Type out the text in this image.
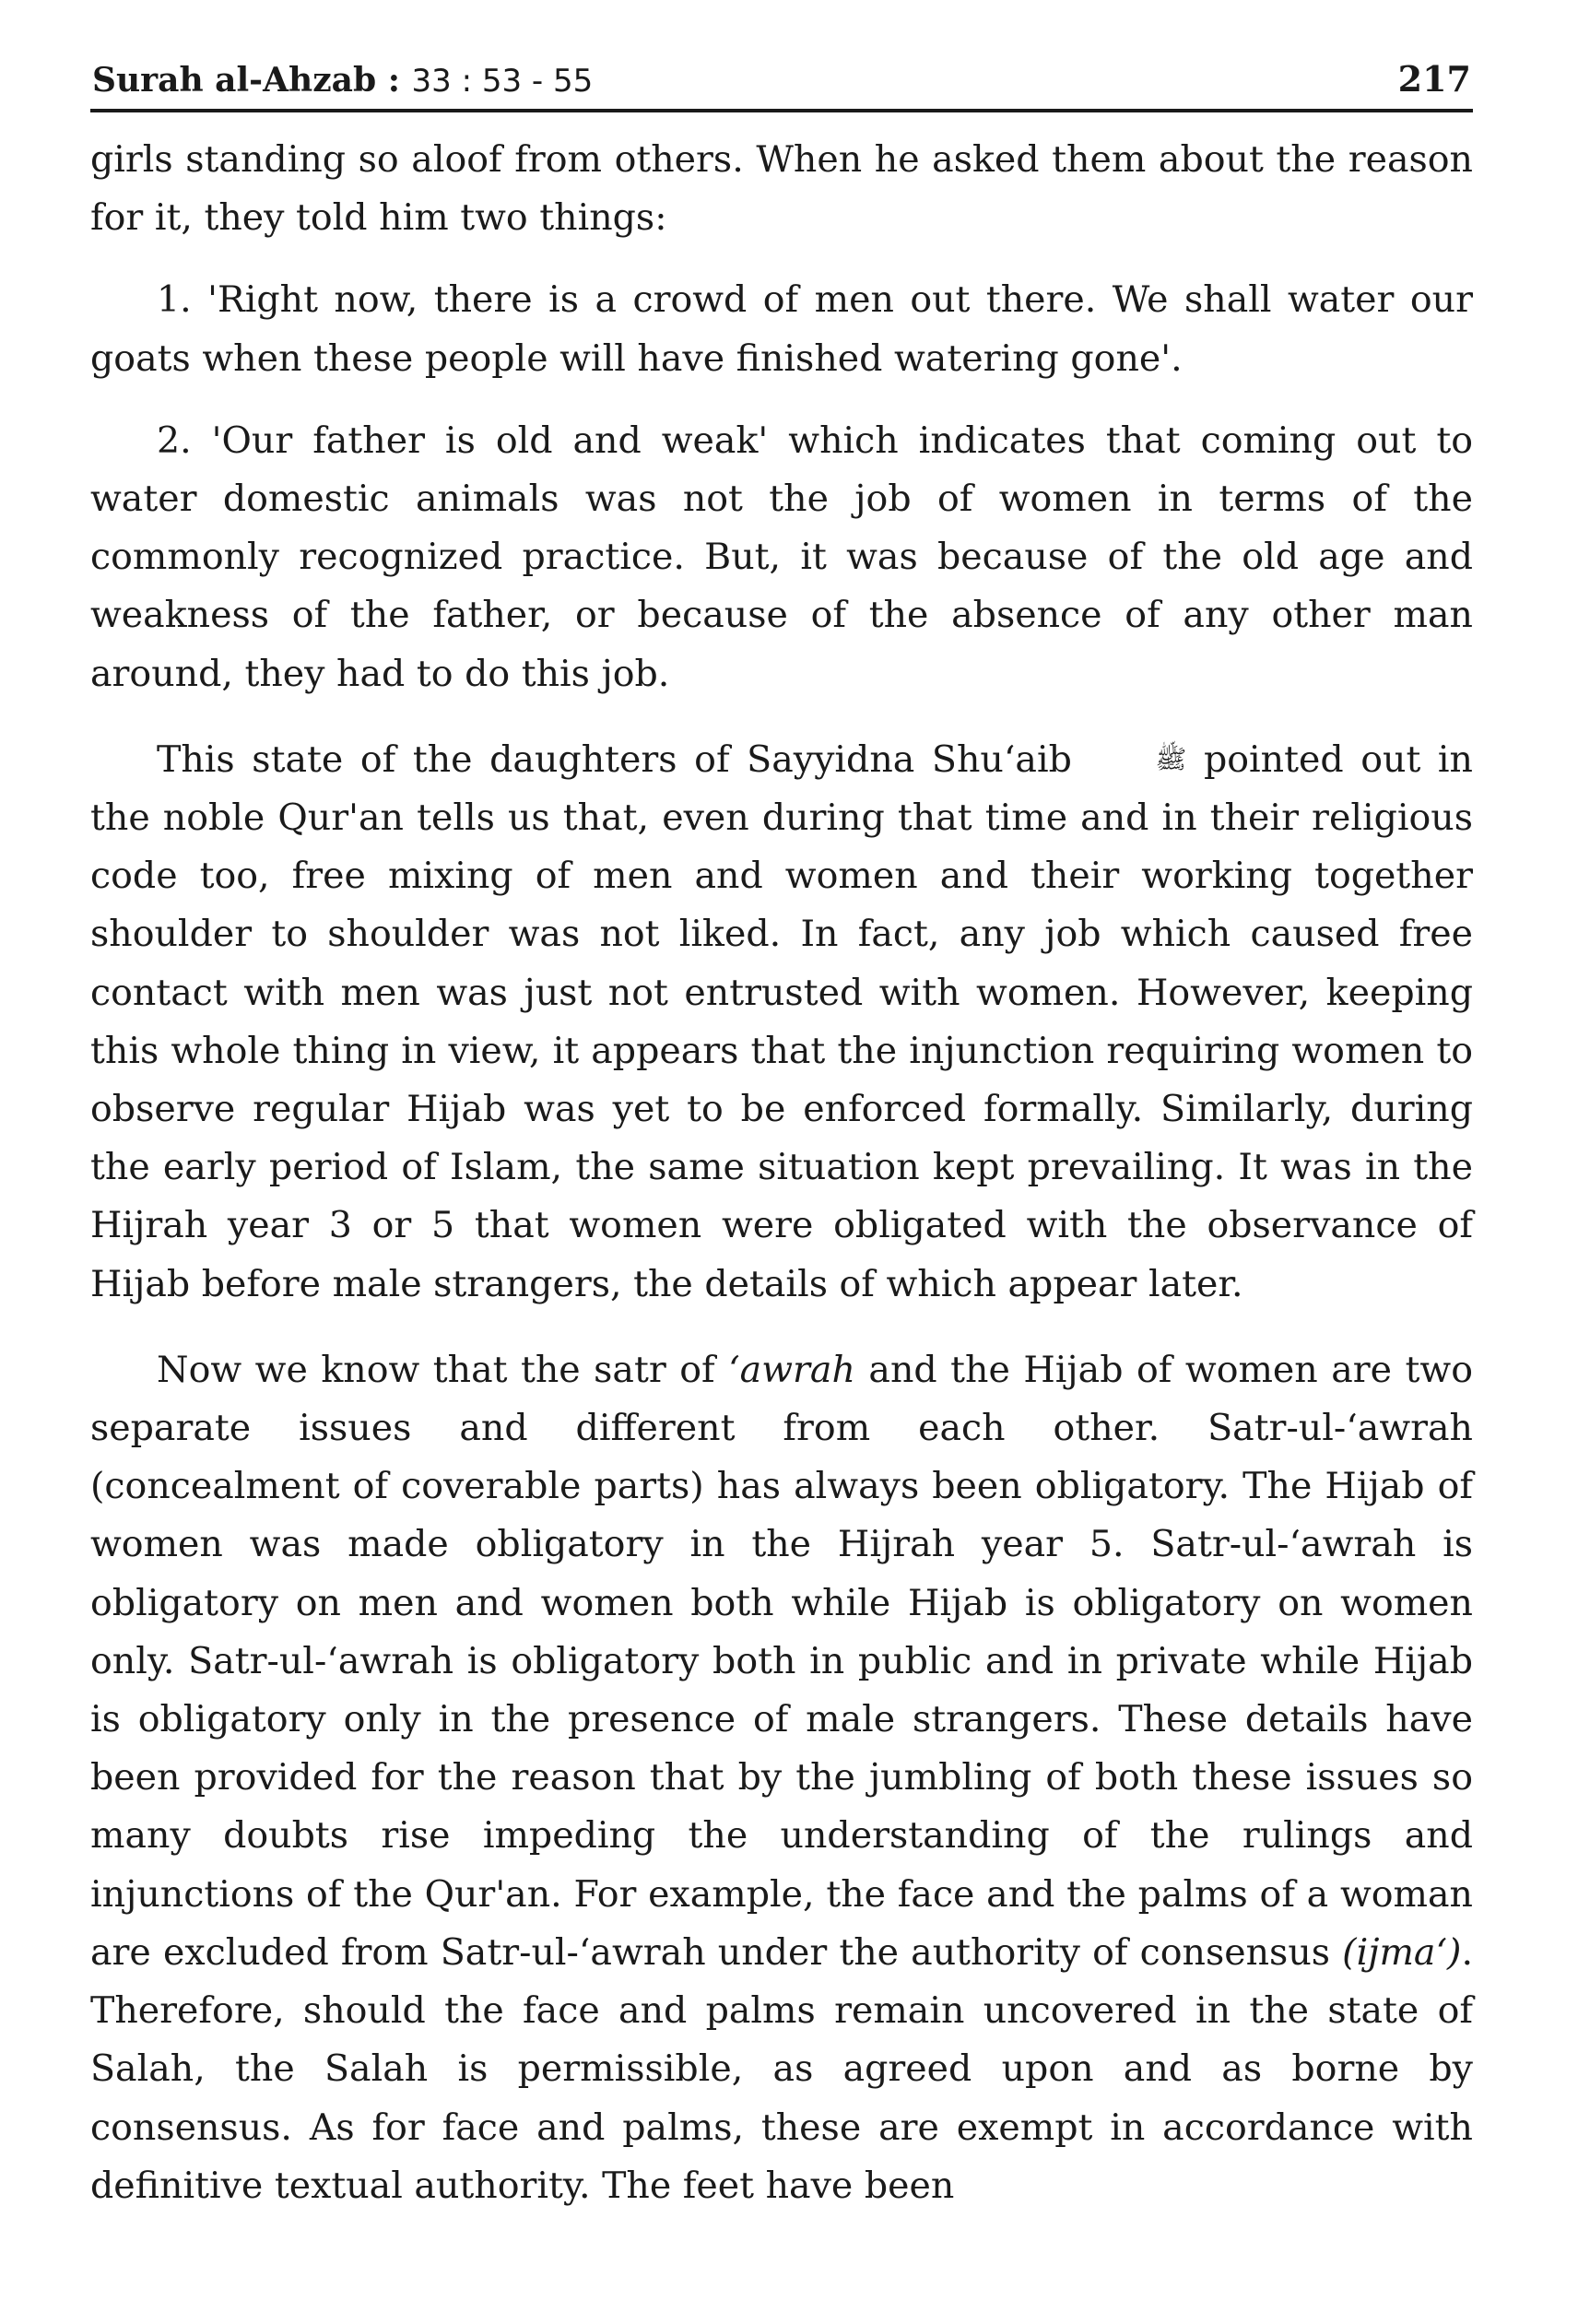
Surah al-Ahzab : 33 : 53 - 55	217

girls standing so aloof from others. When he asked them about the reason for it, they told him two things:

1. 'Right now, there is a crowd of men out there. We shall water our goats when these people will have finished watering gone'.

2. 'Our father is old and weak' which indicates that coming out to water domestic animals was not the job of women in terms of the commonly recognized practice. But, it was because of the old age and weakness of the father, or because of the absence of any other man around, they had to do this job.

This state of the daughters of Sayyidna Shu‘aib	ﷺ pointed out in the noble Qur'an tells us that, even during that time and in their religious code too, free mixing of men and women and their working together shoulder to shoulder was not liked. In fact, any job which caused free contact with men was just not entrusted with women. However, keeping this whole thing in view, it appears that the injunction requiring women to observe regular Hijab was yet to be enforced formally. Similarly, during the early period of Islam, the same situation kept prevailing. It was in the Hijrah year 3 or 5 that women were obligated with the observance of Hijab before male strangers, the details of which appear later.

Now we know that the satr of ‘awrah and the Hijab of women are two separate issues and different from each other. Satr-ul-‘awrah (concealment of coverable parts) has always been obligatory. The Hijab of women was made obligatory in the Hijrah year 5. Satr-ul-‘awrah is obligatory on men and women both while Hijab is obligatory on women only. Satr-ul-‘awrah is obligatory both in public and in private while Hijab is obligatory only in the presence of male strangers. These details have been provided for the reason that by the jumbling of both these issues so many doubts rise impeding the understanding of the rulings and injunctions of the Qur'an. For example, the face and the palms of a woman are excluded from Satr-ul-‘awrah under the authority of consensus (ijma‘). Therefore, should the face and palms remain uncovered in the state of Salah, the Salah is permissible, as agreed upon and as borne by consensus. As for face and palms, these are exempt in accordance with definitive textual authority. The feet have been
